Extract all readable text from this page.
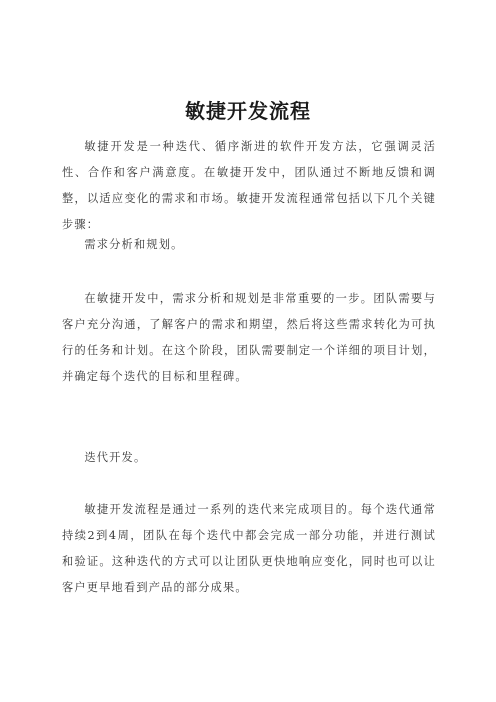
敏捷开发流程

敏捷开发是一种迭代、循序渐进的软件开发方法，它强调灵活性、合作和客户满意度。在敏捷开发中，团队通过不断地反馈和调整，以适应变化的需求和市场。敏捷开发流程通常包括以下几个关键步骤：

需求分析和规划。

在敏捷开发中，需求分析和规划是非常重要的一步。团队需要与客户充分沟通，了解客户的需求和期望，然后将这些需求转化为可执行的任务和计划。在这个阶段，团队需要制定一个详细的项目计划，并确定每个迭代的目标和里程碑。

迭代开发。

敏捷开发流程是通过一系列的迭代来完成项目的。每个迭代通常持续2到4周，团队在每个迭代中都会完成一部分功能，并进行测试和验证。这种迭代的方式可以让团队更快地响应变化，同时也可以让客户更早地看到产品的部分成果。
